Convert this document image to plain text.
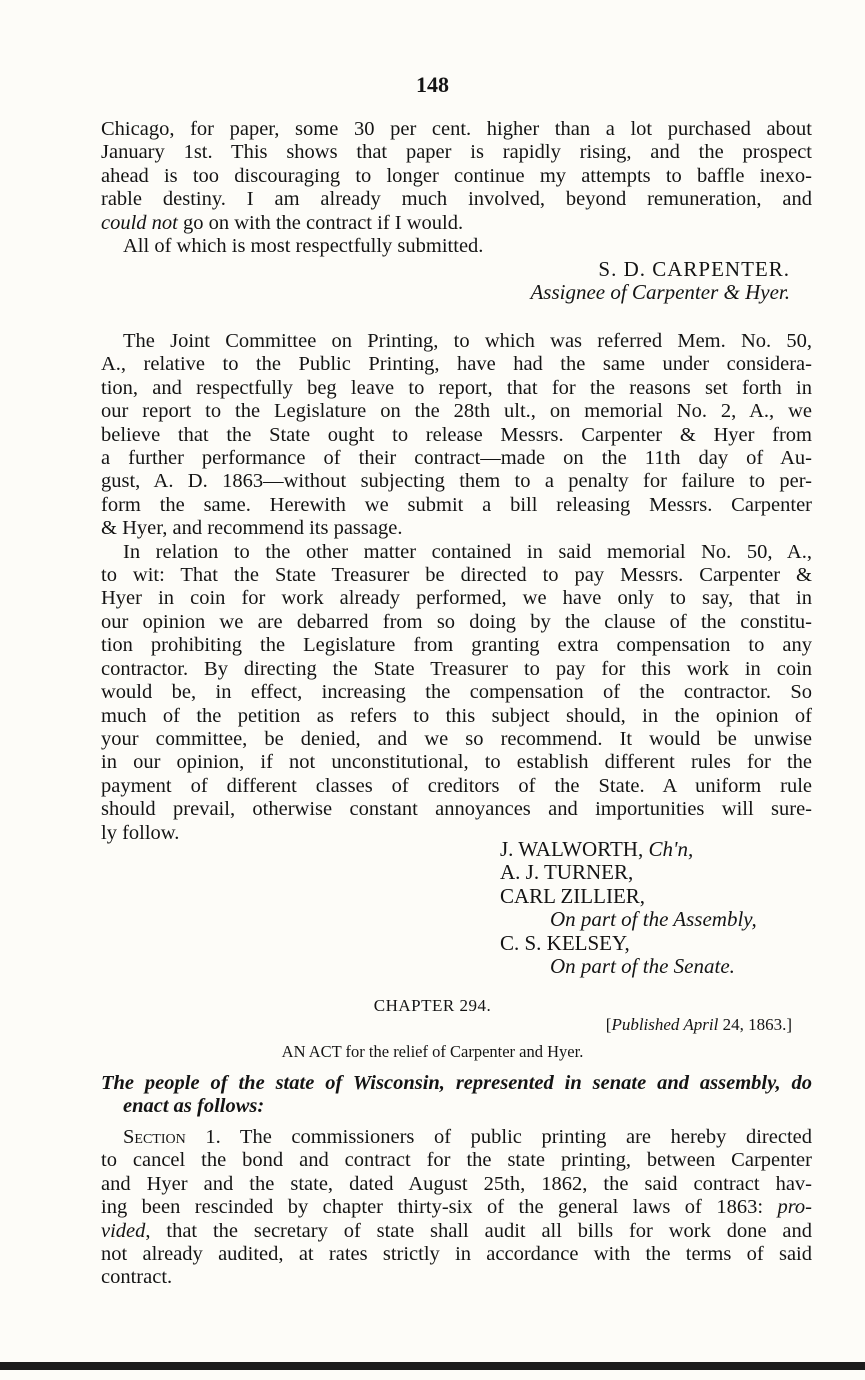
148
Chicago, for paper, some 30 per cent. higher than a lot purchased about
January 1st. This shows that paper is rapidly rising, and the prospect
ahead is too discouraging to longer continue my attempts to baffle inexo-
rable destiny. I am already much involved, beyond remuneration, and
could not go on with the contract if I would.
All of which is most respectfully submitted.
S. D. CARPENTER.
Assignee of Carpenter & Hyer.
The Joint Committee on Printing, to which was referred Mem. No. 50,
A., relative to the Public Printing, have had the same under considera-
tion, and respectfully beg leave to report, that for the reasons set forth in
our report to the Legislature on the 28th ult., on memorial No. 2, A., we
believe that the State ought to release Messrs. Carpenter & Hyer from
a further performance of their contract—made on the 11th day of Au-
gust, A. D. 1863—without subjecting them to a penalty for failure to per-
form the same. Herewith we submit a bill releasing Messrs. Carpenter
& Hyer, and recommend its passage.
In relation to the other matter contained in said memorial No. 50, A.,
to wit: That the State Treasurer be directed to pay Messrs. Carpenter &
Hyer in coin for work already performed, we have only to say, that in
our opinion we are debarred from so doing by the clause of the constitu-
tion prohibiting the Legislature from granting extra compensation to any
contractor. By directing the State Treasurer to pay for this work in coin
would be, in effect, increasing the compensation of the contractor. So
much of the petition as refers to this subject should, in the opinion of
your committee, be denied, and we so recommend. It would be unwise
in our opinion, if not unconstitutional, to establish different rules for the
payment of different classes of creditors of the State. A uniform rule
should prevail, otherwise constant annoyances and importunities will sure-
ly follow.
J. WALWORTH, Ch'n,
A. J. TURNER,
CARL ZILLIER,
On part of the Assembly,
C. S. KELSEY,
On part of the Senate.
CHAPTER 294.
[Published April 24, 1863.]
AN ACT for the relief of Carpenter and Hyer.
The people of the state of Wisconsin, represented in senate and assembly, do
enact as follows:
Section 1. The commissioners of public printing are hereby directed
to cancel the bond and contract for the state printing, between Carpenter
and Hyer and the state, dated August 25th, 1862, the said contract hav-
ing been rescinded by chapter thirty-six of the general laws of 1863: pro-
vided, that the secretary of state shall audit all bills for work done and
not already audited, at rates strictly in accordance with the terms of said
contract.
